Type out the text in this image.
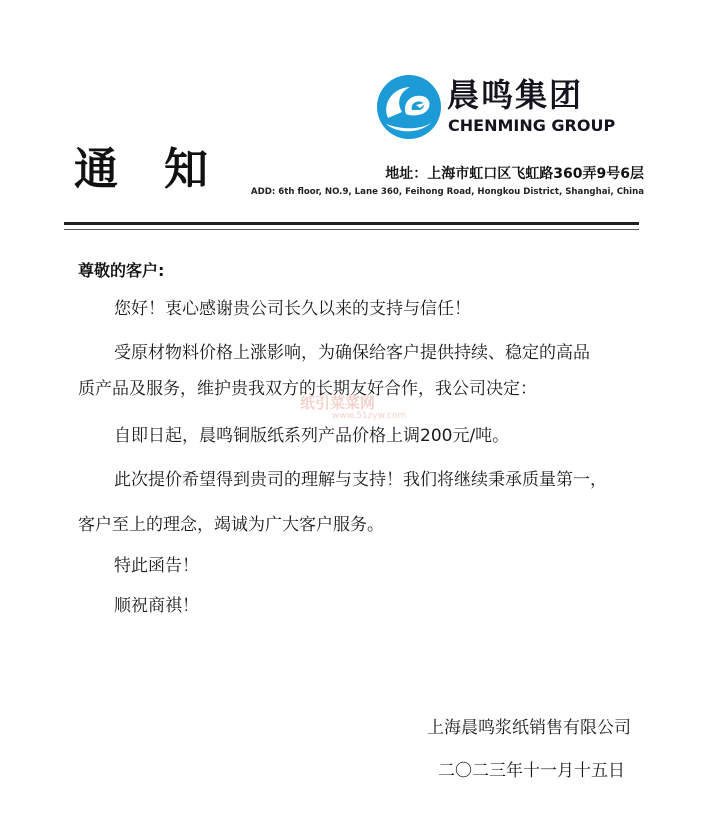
通知
晨鸣集团
CHENMING GROUP
地址：上海市虹口区飞虹路360弄9号6层
ADD: 6th floor, NO.9, Lane 360, Feihong Road, Hongkou District, Shanghai, China
尊敬的客户:
您好！衷心感谢贵公司长久以来的支持与信任！
受原材物料价格上涨影响，为确保给客户提供持续、稳定的高品
质产品及服务，维护贵我双方的长期友好合作，我公司决定：
自即日起，晨鸣铜版纸系列产品价格上调200元/吨。
此次提价希望得到贵司的理解与支持！我们将继续秉承质量第一，
客户至上的理念，竭诚为广大客户服务。
特此函告！
顺祝商祺！
纸引菜菜网
www.51zyw.com
上海晨鸣浆纸销售有限公司
二〇二三年十一月十五日
